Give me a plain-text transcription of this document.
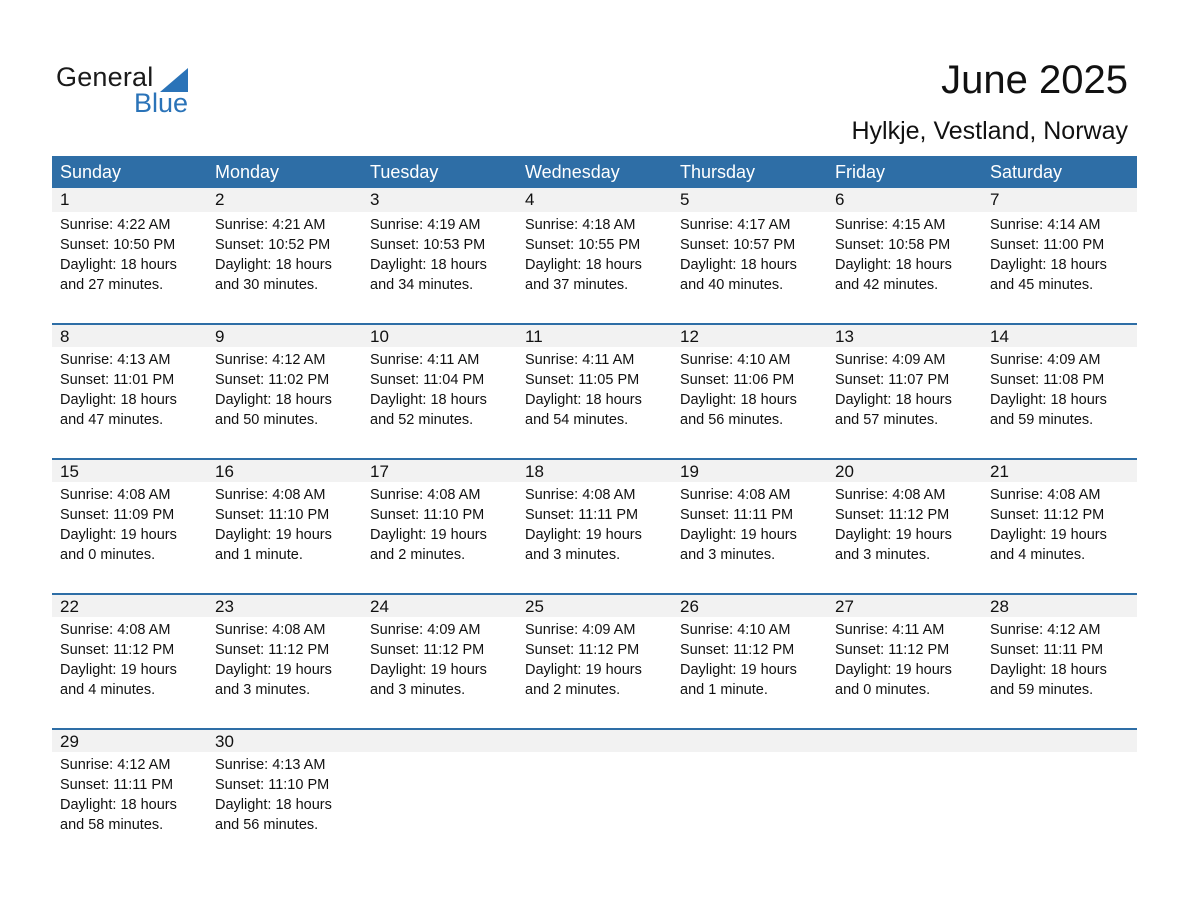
General
Blue
June 2025
Hylkje, Vestland, Norway
Sunday	Monday	Tuesday	Wednesday	Thursday	Friday	Saturday
1	2	3	4	5	6	7
Sunrise: 4:22 AM
Sunset: 10:50 PM
Daylight: 18 hours
and 27 minutes.
Sunrise: 4:21 AM
Sunset: 10:52 PM
Daylight: 18 hours
and 30 minutes.
Sunrise: 4:19 AM
Sunset: 10:53 PM
Daylight: 18 hours
and 34 minutes.
Sunrise: 4:18 AM
Sunset: 10:55 PM
Daylight: 18 hours
and 37 minutes.
Sunrise: 4:17 AM
Sunset: 10:57 PM
Daylight: 18 hours
and 40 minutes.
Sunrise: 4:15 AM
Sunset: 10:58 PM
Daylight: 18 hours
and 42 minutes.
Sunrise: 4:14 AM
Sunset: 11:00 PM
Daylight: 18 hours
and 45 minutes.
8	9	10	11	12	13	14
Sunrise: 4:13 AM
Sunset: 11:01 PM
Daylight: 18 hours
and 47 minutes.
Sunrise: 4:12 AM
Sunset: 11:02 PM
Daylight: 18 hours
and 50 minutes.
Sunrise: 4:11 AM
Sunset: 11:04 PM
Daylight: 18 hours
and 52 minutes.
Sunrise: 4:11 AM
Sunset: 11:05 PM
Daylight: 18 hours
and 54 minutes.
Sunrise: 4:10 AM
Sunset: 11:06 PM
Daylight: 18 hours
and 56 minutes.
Sunrise: 4:09 AM
Sunset: 11:07 PM
Daylight: 18 hours
and 57 minutes.
Sunrise: 4:09 AM
Sunset: 11:08 PM
Daylight: 18 hours
and 59 minutes.
15	16	17	18	19	20	21
Sunrise: 4:08 AM
Sunset: 11:09 PM
Daylight: 19 hours
and 0 minutes.
Sunrise: 4:08 AM
Sunset: 11:10 PM
Daylight: 19 hours
and 1 minute.
Sunrise: 4:08 AM
Sunset: 11:10 PM
Daylight: 19 hours
and 2 minutes.
Sunrise: 4:08 AM
Sunset: 11:11 PM
Daylight: 19 hours
and 3 minutes.
Sunrise: 4:08 AM
Sunset: 11:11 PM
Daylight: 19 hours
and 3 minutes.
Sunrise: 4:08 AM
Sunset: 11:12 PM
Daylight: 19 hours
and 3 minutes.
Sunrise: 4:08 AM
Sunset: 11:12 PM
Daylight: 19 hours
and 4 minutes.
22	23	24	25	26	27	28
Sunrise: 4:08 AM
Sunset: 11:12 PM
Daylight: 19 hours
and 4 minutes.
Sunrise: 4:08 AM
Sunset: 11:12 PM
Daylight: 19 hours
and 3 minutes.
Sunrise: 4:09 AM
Sunset: 11:12 PM
Daylight: 19 hours
and 3 minutes.
Sunrise: 4:09 AM
Sunset: 11:12 PM
Daylight: 19 hours
and 2 minutes.
Sunrise: 4:10 AM
Sunset: 11:12 PM
Daylight: 19 hours
and 1 minute.
Sunrise: 4:11 AM
Sunset: 11:12 PM
Daylight: 19 hours
and 0 minutes.
Sunrise: 4:12 AM
Sunset: 11:11 PM
Daylight: 18 hours
and 59 minutes.
29	30
Sunrise: 4:12 AM
Sunset: 11:11 PM
Daylight: 18 hours
and 58 minutes.
Sunrise: 4:13 AM
Sunset: 11:10 PM
Daylight: 18 hours
and 56 minutes.
